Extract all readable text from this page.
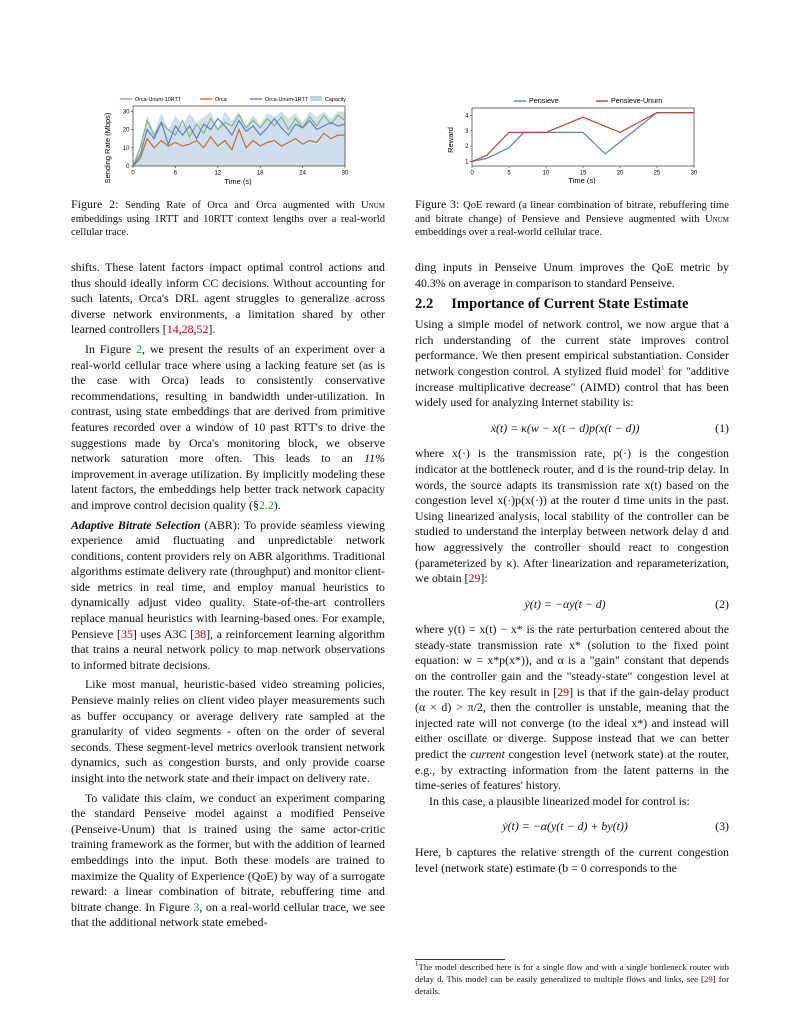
Orca-Unum-10RTT	Orca	Orca-Unum-1RTT	Capacity
0	6	12	18	24	30
0
10
20
30
Time (s)
Sending Rate (Mbps)
Pensieve	Pensieve-Unum
0	5	10	15	20	25	30
1
2
3
4
Time (s)
Reward
Figure 2: Sending Rate of Orca and Orca augmented with Unum embeddings using 1RTT and 10RTT context lengths over a real-world cellular trace.
Figure 3: QoE reward (a linear combination of bitrate, rebuffering time and bitrate change) of Pensieve and Pensieve augmented with Unum embeddings over a real-world cellular trace.

shifts. These latent factors impact optimal control actions and thus should ideally inform CC decisions. Without accounting for such latents, Orca's DRL agent struggles to generalize across diverse network environments, a limitation shared by other learned controllers [14,28,52].

In Figure 2, we present the results of an experiment over a real-world cellular trace where using a lacking feature set (as is the case with Orca) leads to consistently conservative recommendations, resulting in bandwidth under-utilization. In contrast, using state embeddings that are derived from primitive features recorded over a window of 10 past RTT's to drive the suggestions made by Orca's monitoring block, we observe network saturation more often. This leads to an 11% improvement in average utilization. By implicitly modeling these latent factors, the embeddings help better track network capacity and improve control decision quality (§2.2).

Adaptive Bitrate Selection (ABR): To provide seamless viewing experience amid fluctuating and unpredictable network conditions, content providers rely on ABR algorithms. Traditional algorithms estimate delivery rate (throughput) and monitor client-side metrics in real time, and employ manual heuristics to dynamically adjust video quality. State-of-the-art controllers replace manual heuristics with learning-based ones. For example, Pensieve [35] uses A3C [38], a reinforcement learning algorithm that trains a neural network policy to map network observations to informed bitrate decisions.

Like most manual, heuristic-based video streaming policies, Pensieve mainly relies on client video player measurements such as buffer occupancy or average delivery rate sampled at the granularity of video segments - often on the order of several seconds. These segment-level metrics overlook transient network dynamics, such as congestion bursts, and only provide coarse insight into the network state and their impact on delivery rate.

To validate this claim, we conduct an experiment comparing the standard Penseive model against a modified Penseive (Penseive-Unum) that is trained using the same actor-critic training framework as the former, but with the addition of learned embeddings into the input. Both these models are trained to maximize the Quality of Experience (QoE) by way of a surrogate reward: a linear combination of bitrate, rebuffering time and bitrate change. In Figure 3, on a real-world cellular trace, we see that the additional network state emebed-

ding inputs in Penseive Unum improves the QoE metric by 40.3% on average in comparison to standard Penseive.

2.2 Importance of Current State Estimate

Using a simple model of network control, we now argue that a rich understanding of the current state improves control performance. We then present empirical substantiation. Consider network congestion control. A stylized fluid model$^1$ for "additive increase multiplicative decrease" (AIMD) control that has been widely used for analyzing Internet stability is:

ẋ(t) = κ(w − x(t − d)p(x(t − d))	(1)

where x(·) is the transmission rate, p(·) is the congestion indicator at the bottleneck router, and d is the round-trip delay. In words, the source adapts its transmission rate x(t) based on the congestion level x(·)p(x(·)) at the router d time units in the past. Using linearized analysis, local stability of the controller can be studied to understand the interplay between network delay d and how aggressively the controller should react to congestion (parameterized by κ). After linearization and reparameterization, we obtain [29]:

ẏ(t) = −αy(t − d)	(2)

where y(t) = x(t) − x* is the rate perturbation centered about the steady-state transmission rate x* (solution to the fixed point equation: w = x*p(x*)), and α is a "gain" constant that depends on the controller gain and the "steady-state" congestion level at the router. The key result in [29] is that if the gain-delay product (α × d) > π/2, then the controller is unstable, meaning that the injected rate will not converge (to the ideal x*) and instead will either oscillate or diverge. Suppose instead that we can better predict the current congestion level (network state) at the router, e.g., by extracting information from the latent patterns in the time-series of features' history.

In this case, a plausible linearized model for control is:

ẏ(t) = −α(y(t − d) + by(t))	(3)

Here, b captures the relative strength of the current congestion level (network state) estimate (b = 0 corresponds to the

$^1$The model described here is for a single flow and with a single bottleneck router with delay d. This model can be easily generalized to multiple flows and links, see [29] for details.
